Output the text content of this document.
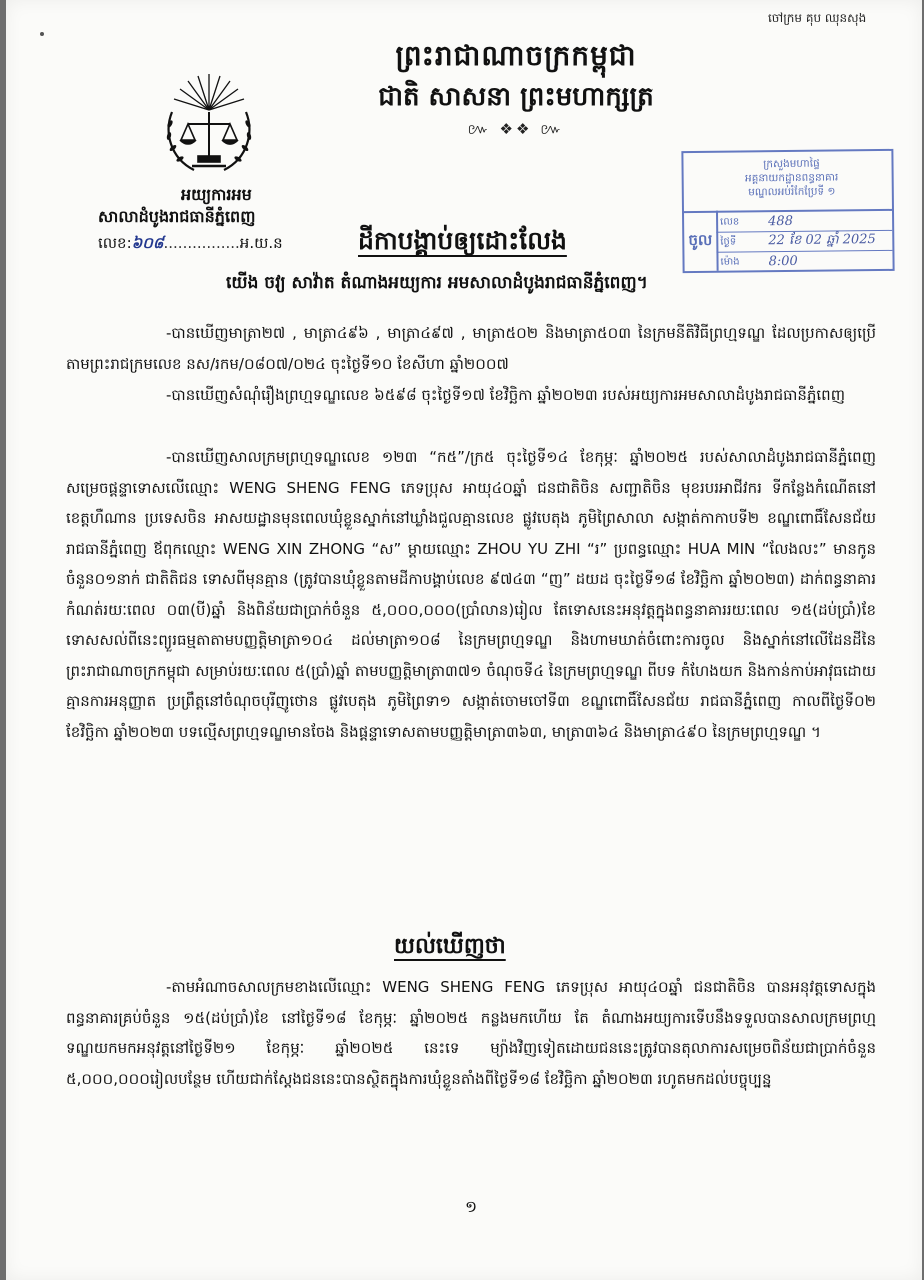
ចៅក្រម គុប ឈុនសុង
ព្រះរាជាណាចក្រកម្ពុជា
ជាតិ សាសនា ព្រះមហាក្សត្រ
៚ ❖❖ ៚
អយ្យការអម
សាលាដំបូងរាជធានីភ្នំពេញ
លេខ:៦០៨................អ.យ.ន
ក្រសួងមហាផ្ទៃ
អគ្គនាយកដ្ឋានពន្ធនាគារ
មណ្ឌលអប់រំកែប្រែទី ១
ចូល
លេខ	488
ថ្ងៃទី	22 ខែ 02 ឆ្នាំ 2025
ម៉ោង	8:00
ដីកាបង្គាប់ឲ្យដោះលែង
យើង ចវ្យ សាវ៉ាត តំណាងអយ្យការ អមសាលាដំបូងរាជធានីភ្នំពេញ។

-បានឃើញមាត្រា២៧ , មាត្រា៤៩៦ , មាត្រា៤៩៧ , មាត្រា៥០២ និងមាត្រា៥០៣ នៃក្រមនីតិវិធីព្រហ្មទណ្ឌ ដែលប្រកាសឲ្យប្រើតាមព្រះរាជក្រមលេខ នស/រកម/០៨០៧/០២៤ ចុះថ្ងៃទី១០ ខែសីហា ឆ្នាំ២០០៧

-បានឃើញសំណុំរឿងព្រហ្មទណ្ឌលេខ ៦៥៩៨ ចុះថ្ងៃទី១៧ ខែវិច្ឆិកា ឆ្នាំ២០២៣ របស់អយ្យការអមសាលាដំបូងរាជធានីភ្នំពេញ

-បានឃើញសាលក្រមព្រហ្មទណ្ឌលេខ ១២៣ “ក៥”/ក្រ៥ ចុះថ្ងៃទី១៤ ខែកុម្ភៈ ឆ្នាំ២០២៥ របស់សាលាដំបូងរាជធានីភ្នំពេញ សម្រេចផ្តន្ទាទោសលើឈ្មោះ WENG SHENG FENG ភេទប្រុស អាយុ៤០ឆ្នាំ ជនជាតិចិន សញ្ជាតិចិន មុខរបរអាជីវករ ទីកន្លែងកំណើតនៅខេត្តហឺណាន ប្រទេសចិន អាសយដ្ឋានមុនពេលឃុំខ្លួនស្នាក់នៅឃ្លាំងជួលគ្មានលេខ ផ្លូវបេតុង ភូមិព្រៃសាលា សង្កាត់កាកាបទី២ ខណ្ឌពោធិ៍សែនជ័យ រាជធានីភ្នំពេញ ឪពុកឈ្មោះ WENG XIN ZHONG “ស” ម្តាយឈ្មោះ ZHOU YU ZHI “រ” ប្រពន្ធឈ្មោះ HUA MIN “លែងលះ” មានកូនចំនួន០១នាក់ ជាតិតិជន ទោសពីមុនគ្មាន (ត្រូវបានឃុំខ្លួនតាមដីកាបង្គាប់លេខ ៩៧៤៣ “ញ” ដយដ ចុះថ្ងៃទី១៨ ខែវិច្ឆិកា ឆ្នាំ២០២៣) ដាក់ពន្ធនាគារកំណត់រយៈពេល ០៣(បី)ឆ្នាំ និងពិន័យជាប្រាក់ចំនួន ៥,០០០,០០០(ប្រាំលាន)រៀល តែទោសនេះអនុវត្តក្នុងពន្ធនាគាររយៈពេល ១៥(ដប់ប្រាំ)ខែ ទោសសល់ពីនេះព្យួរធម្មតាតាមបញ្ញត្តិមាត្រា១០៤ ដល់មាត្រា១០៨ នៃក្រមព្រហ្មទណ្ឌ និងហាមឃាត់ចំពោះការចូល និងស្នាក់នៅលើដែនដីនៃព្រះរាជាណាចក្រកម្ពុជា សម្រាប់រយៈពេល ៥(ប្រាំ)ឆ្នាំ តាមបញ្ញត្តិមាត្រា៣៧១ ចំណុចទី៤ នៃក្រមព្រហ្មទណ្ឌ ពីបទ កំហែងយក និងកាន់កាប់អាវុធដោយគ្មានការអនុញ្ញាត ប្រព្រឹត្តនៅចំណុចបុរីញូថោន ផ្លូវបេតុង ភូមិព្រៃទា១ សង្កាត់ចោមចៅទី៣ ខណ្ឌពោធិ៍សែនជ័យ រាជធានីភ្នំពេញ កាលពីថ្ងៃទី០២ ខែវិច្ឆិកា ឆ្នាំ២០២៣ បទល្មើសព្រហ្មទណ្ឌមានចែង និងផ្តន្ទាទោសតាមបញ្ញត្តិមាត្រា៣៦៣, មាត្រា៣៦៤ និងមាត្រា៤៩០ នៃក្រមព្រហ្មទណ្ឌ ។

យល់ឃើញថា

-តាមអំណាចសាលក្រមខាងលើឈ្មោះ WENG SHENG FENG ភេទប្រុស អាយុ៤០ឆ្នាំ ជនជាតិចិន បានអនុវត្តទោសក្នុងពន្ធនាគារគ្រប់ចំនួន ១៥(ដប់ប្រាំ)ខែ នៅថ្ងៃទី១៨ ខែកុម្ភៈ ឆ្នាំ២០២៥ កន្លងមកហើយ តែ តំណាងអយ្យការទើបនឹងទទួលបានសាលក្រមព្រហ្មទណ្ឌយកមកអនុវត្តនៅថ្ងៃទី២១ ខែកុម្ភៈ ឆ្នាំ២០២៥ នេះទេ ម្យ៉ាងវិញទៀតដោយជននេះត្រូវបានតុលាការសម្រេចពិន័យជាប្រាក់ចំនួន ៥,០០០,០០០រៀលបន្ថែម ហើយជាក់ស្តែងជននេះបានស្ថិតក្នុងការឃុំខ្លួនតាំងពីថ្ងៃទី១៨ ខែវិច្ឆិកា ឆ្នាំ២០២៣ រហូតមកដល់បច្ចុប្បន្ន

១
